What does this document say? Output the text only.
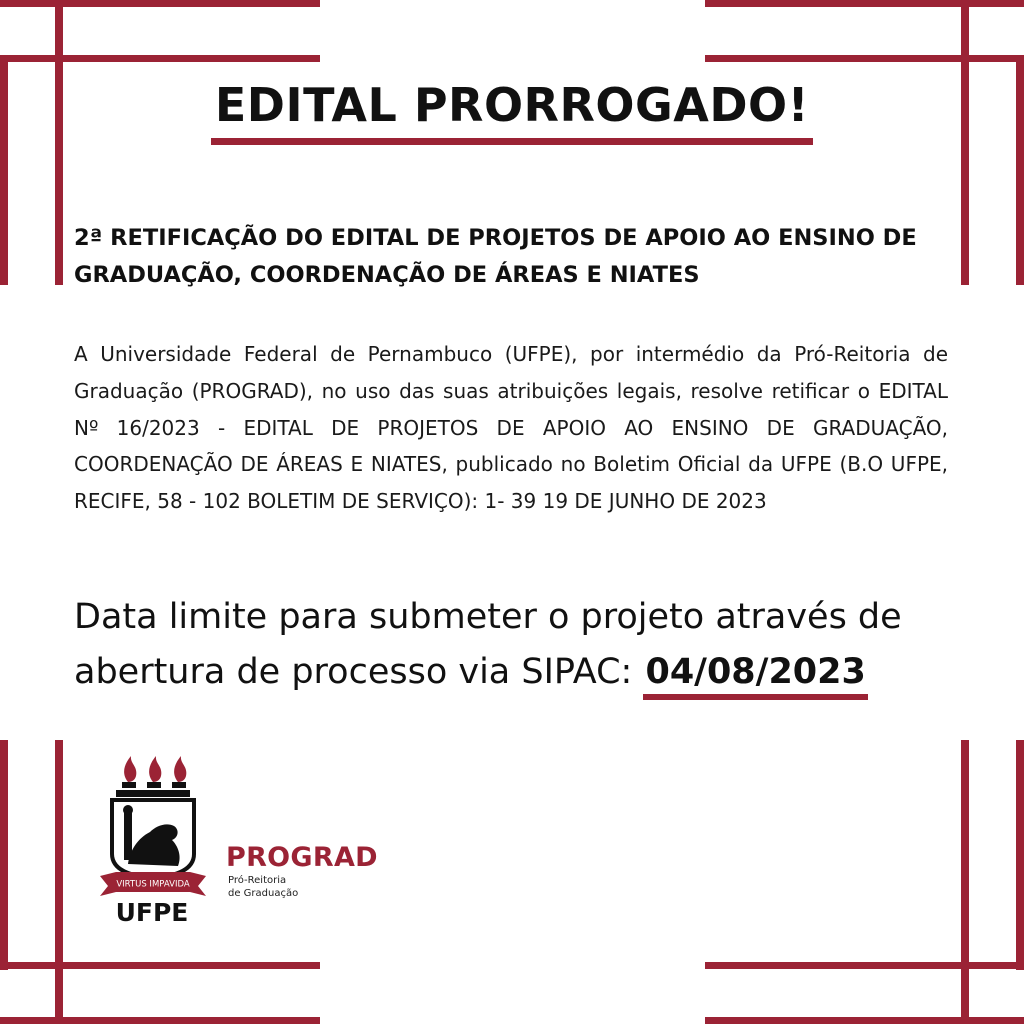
EDITAL PRORROGADO!

2ª RETIFICAÇÃO DO EDITAL DE PROJETOS DE APOIO AO ENSINO DE GRADUAÇÃO, COORDENAÇÃO DE ÁREAS E NIATES

A Universidade Federal de Pernambuco (UFPE), por intermédio da Pró-Reitoria de Graduação (PROGRAD), no uso das suas atribuições legais, resolve retificar o EDITAL Nº 16/2023 - EDITAL DE PROJETOS DE APOIO AO ENSINO DE GRADUAÇÃO, COORDENAÇÃO DE ÁREAS E NIATES, publicado no Boletim Oficial da UFPE (B.O UFPE, RECIFE, 58 - 102 BOLETIM DE SERVIÇO): 1- 39 19 DE JUNHO DE 2023

Data limite para submeter o projeto através de abertura de processo via SIPAC: 04/08/2023

VIRTUS IMPAVIDA

UFPE

PROGRAD

Pró-Reitoria
de Graduação
